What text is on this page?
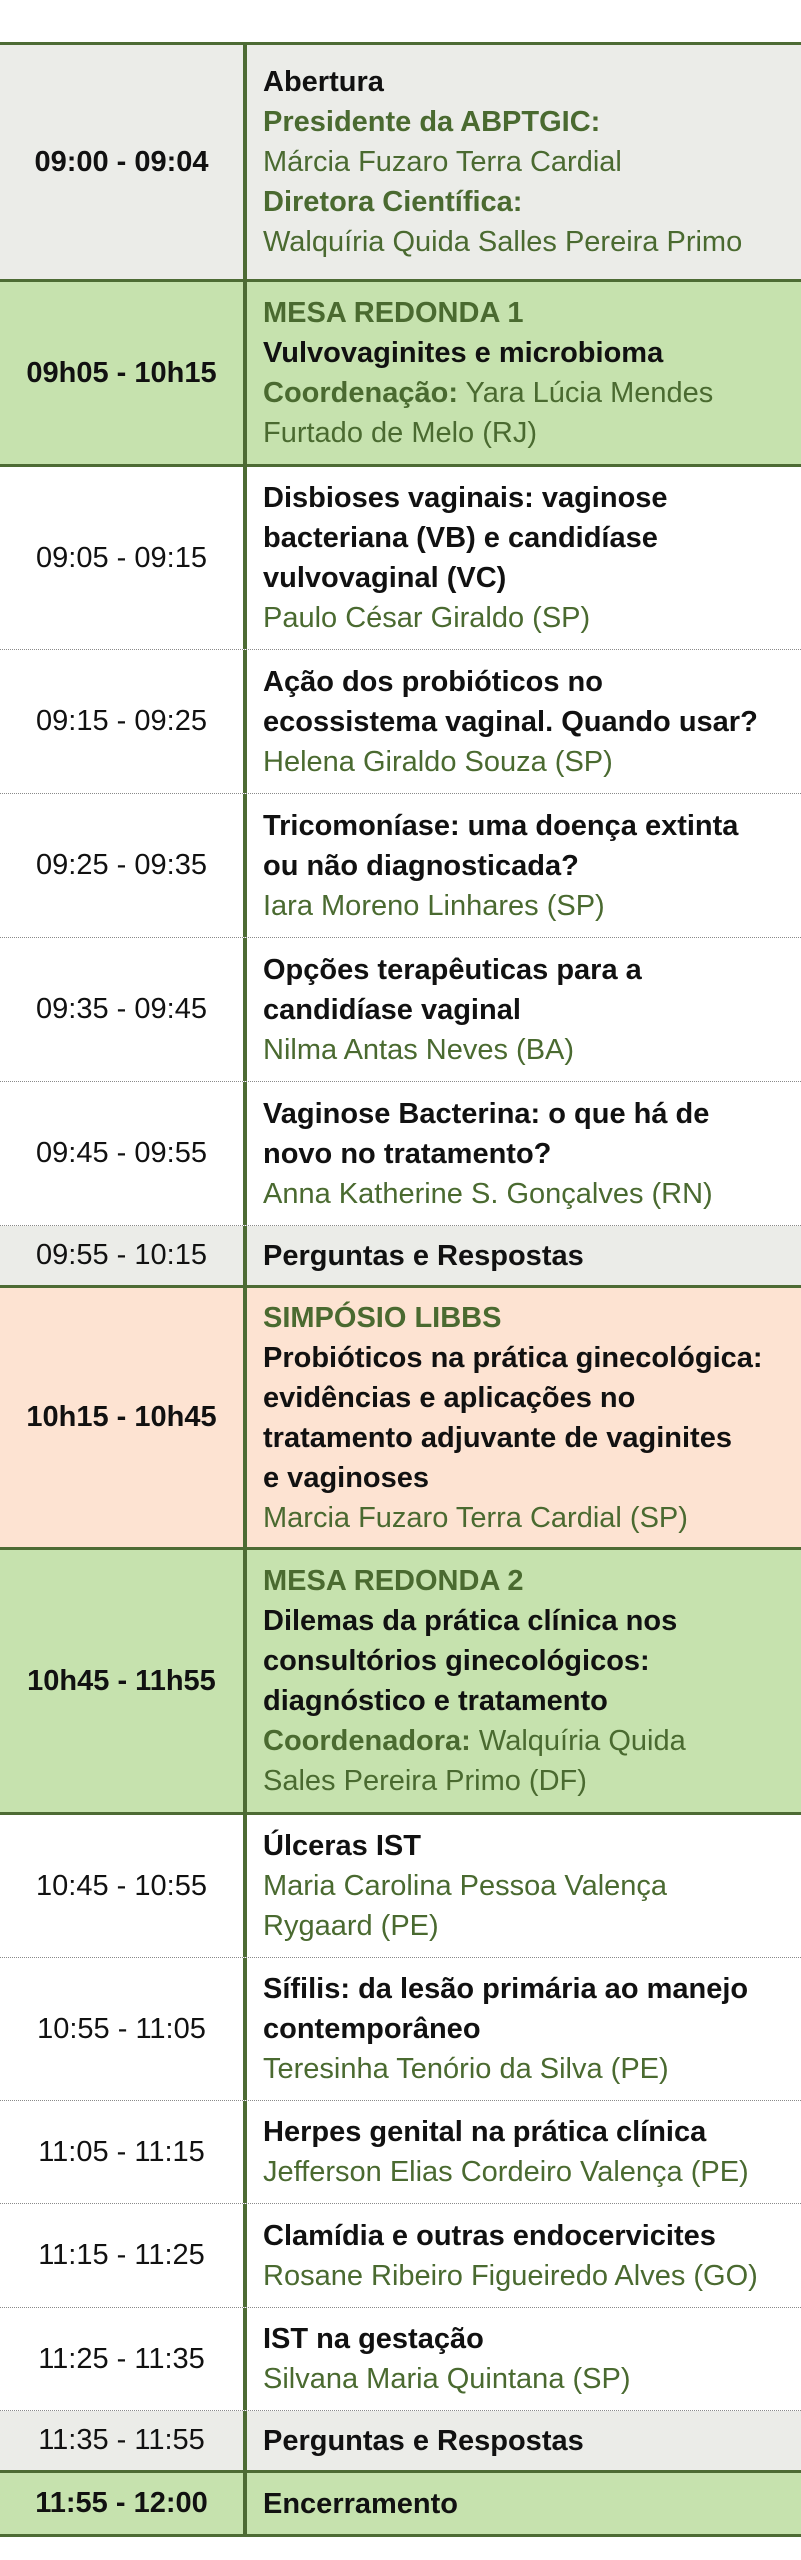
09:00 - 09:04
Abertura
Presidente da ABPTGIC:
Márcia Fuzaro Terra Cardial
Diretora Científica:
Walquíria Quida Salles Pereira Primo
09h05 - 10h15
MESA REDONDA 1
Vulvovaginites e microbioma
Coordenação: Yara Lúcia Mendes
Furtado de Melo (RJ)
09:05 - 09:15
Disbioses vaginais: vaginose
bacteriana (VB) e candidíase
vulvovaginal (VC)
Paulo César Giraldo (SP)
09:15 - 09:25
Ação dos probióticos no
ecossistema vaginal. Quando usar?
Helena Giraldo Souza (SP)
09:25 - 09:35
Tricomoníase: uma doença extinta
ou não diagnosticada?
Iara Moreno Linhares (SP)
09:35 - 09:45
Opções terapêuticas para a
candidíase vaginal
Nilma Antas Neves (BA)
09:45 - 09:55
Vaginose Bacterina: o que há de
novo no tratamento?
Anna Katherine S. Gonçalves (RN)
09:55 - 10:15	Perguntas e Respostas
10h15 - 10h45
SIMPÓSIO LIBBS
Probióticos na prática ginecológica:
evidências e aplicações no
tratamento adjuvante de vaginites
e vaginoses
Marcia Fuzaro Terra Cardial (SP)
10h45 - 11h55
MESA REDONDA 2
Dilemas da prática clínica nos
consultórios ginecológicos:
diagnóstico e tratamento
Coordenadora: Walquíria Quida
Sales Pereira Primo (DF)
10:45 - 10:55
Úlceras IST
Maria Carolina Pessoa Valença
Rygaard (PE)
10:55 - 11:05
Sífilis: da lesão primária ao manejo
contemporâneo
Teresinha Tenório da Silva (PE)
11:05 - 11:15
Herpes genital na prática clínica
Jefferson Elias Cordeiro Valença (PE)
11:15 - 11:25
Clamídia e outras endocervicites
Rosane Ribeiro Figueiredo Alves (GO)
11:25 - 11:35
IST na gestação
Silvana Maria Quintana (SP)
11:35 - 11:55	Perguntas e Respostas
11:55 - 12:00	Encerramento
